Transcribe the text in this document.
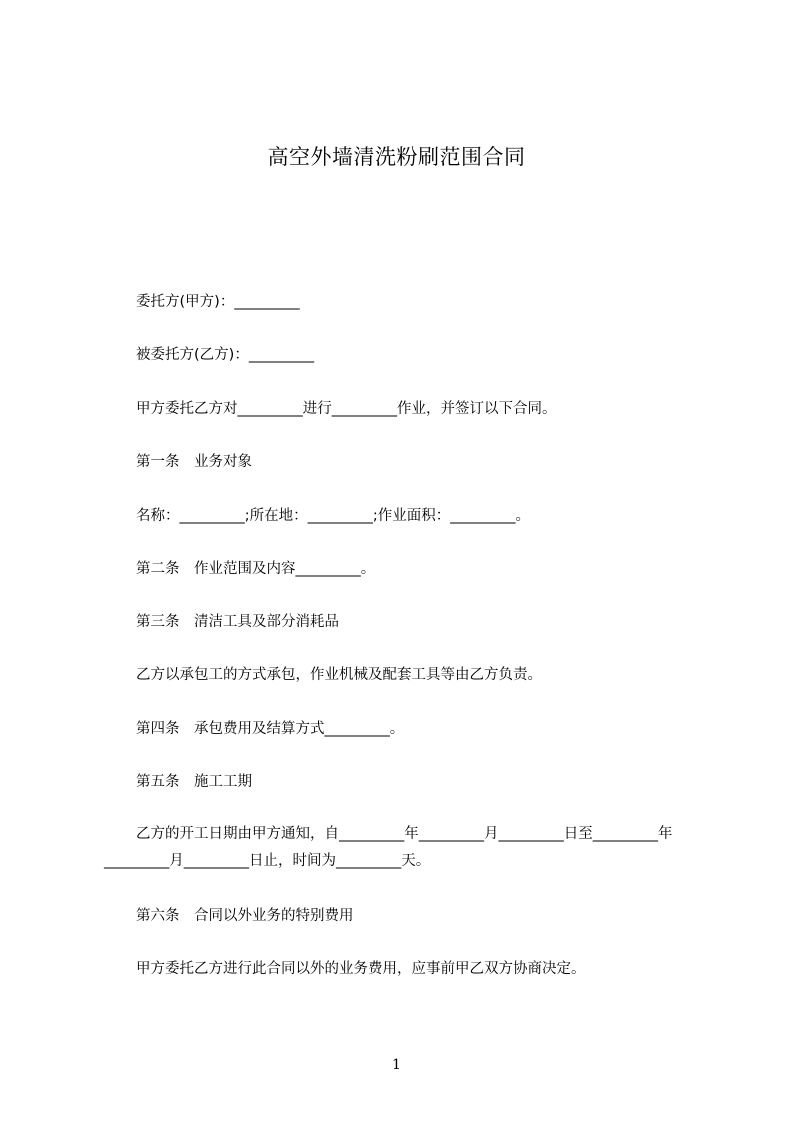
高空外墙清洗粉刷范围合同
委托方(甲方)：_________
被委托方(乙方)：_________
甲方委托乙方对_________进行_________作业，并签订以下合同。
第一条　业务对象
名称：_________;所在地：_________;作业面积：_________。
第二条　作业范围及内容_________。
第三条　清洁工具及部分消耗品
乙方以承包工的方式承包，作业机械及配套工具等由乙方负责。
第四条　承包费用及结算方式_________。
第五条　施工工期
乙方的开工日期由甲方通知，自_________年_________月_________日至_________年_________月_________日止，时间为_________天。
第六条　合同以外业务的特别费用
甲方委托乙方进行此合同以外的业务费用，应事前甲乙双方协商决定。
1
